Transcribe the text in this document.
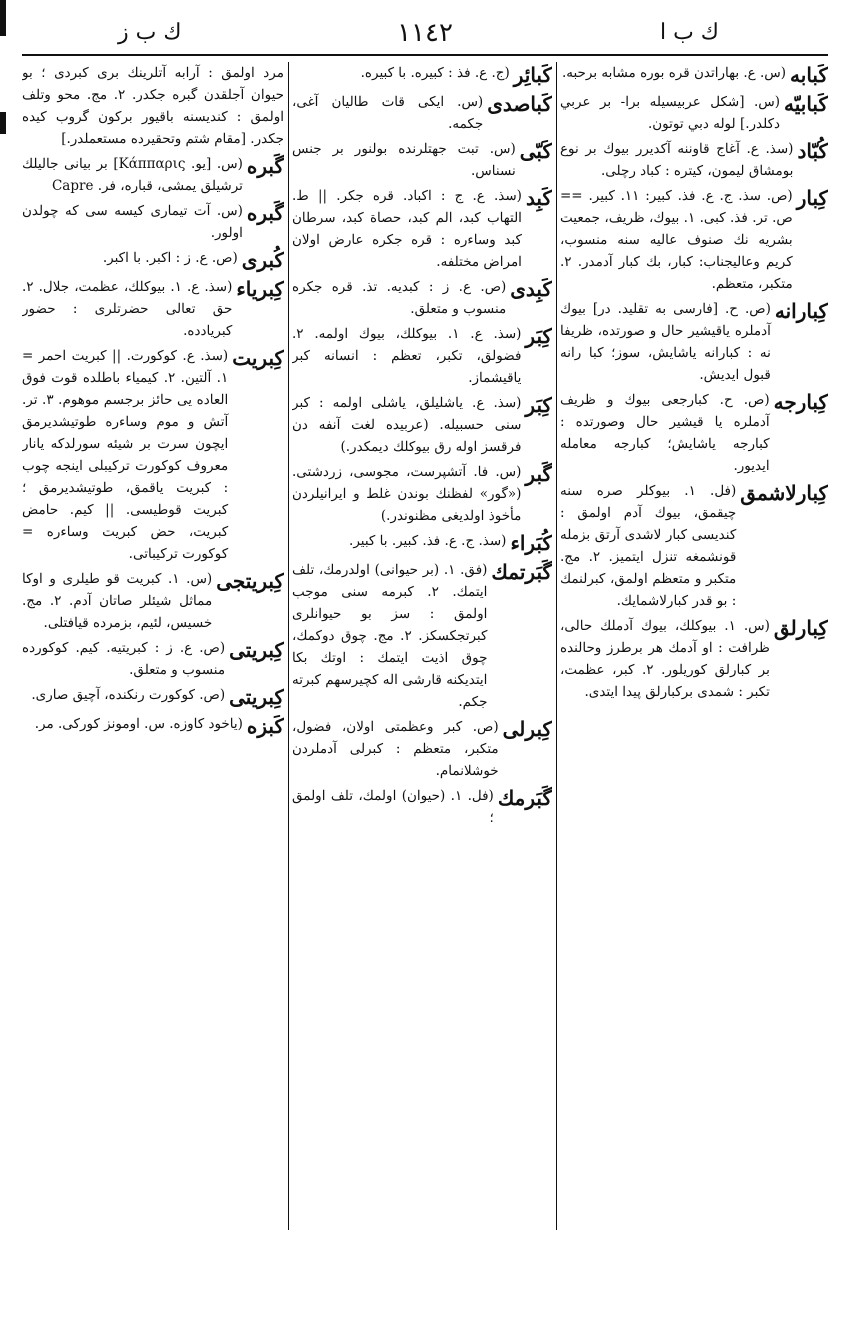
ك ب ز	١١٤٢	ك ب ا
كَبابه
(س. ع. بهاراتدن قره بوره مشابه برحبه.
كَبابيّه
(س. [شكل عربيسيله برا- بر عربي دكلدر.] لوله دبي توتون.
كُبّاد
(سذ. ع. آغاج قاوننه آكديرر بيوك بر نوع بومشاق ليمون، كيتره : كباد رچلى.
كِبار
(ص. سذ. ج. ع. فذ. كبير: ١١. كبير. == ص. تر. فذ. كبى. ١. بيوك، ظريف، جمعيت بشريه نك صنوف عاليه سنه منسوب، كريم وعاليجناب: كبار، بك كبار آدمدر. ٢. متكبر، متعظم.
كِبارانه
(ص. ح. [فارسى به تقليد. در] بيوك آدملره ياقيشير حال و صورتده، ظريفا نه : كبارانه ياشايش، سوز؛ كبا رانه قبول ايديش.
كِبارجه
(ص. ح. كبارجعى بيوك و ظريف آدملره يا قيشير حال وصورتده : كبارجه ياشايش؛ كبارجه معامله ايديور.
كِبارلاشمق
(فل. ١. بيوكلر صره سنه چيقمق، بيوك آدم اولمق : كنديسى كبار لاشدى آرتق بزمله قونشمغه تنزل ايتميز. ٢. مج. متكبر و متعظم اولمق، كبرلنمك : بو قدر كبارلاشمايك.
كِبارلق
(س. ١. بيوكلك، بيوك آدملك حالى، ظرافت : او آدمك هر برطرز وحالنده بر كبارلق كوريلور. ٢. كبر، عظمت، تكبر : شمدى بركبارلق پيدا ايتدى.
كَبائِر
(ج. ع. فذ : كبيره. با كبيره.
كَباصدى
(س. ايكى قات طاليان آغى، جكمه.
كَبّى
(س. تبت جهتلرنده بولنور بر جنس نسناس.
كَبِد
(سذ. ع. ج : اكباد. قره جكر. || ط. التهاب كبد، الم كبد، حصاة كبد، سرطان كبد وساءره : قره جكره عارض اولان امراض مختلفه.
كَبِدى
(ص. ع. ز : كبديه. تذ. قره جكره منسوب و متعلق.
كِبَر
(سذ. ع. ١. بيوكلك، بيوك اولمه. ٢. فضولق، تكبر، تعظم : انسانه كبر ياقيشماز.
كِبَر
(سذ. ع. ياشليلق، ياشلى اولمه : كبر سنى حسبيله. (عربيده لغت آنفه دن فرقسز اوله رق بيوكلك ديمكدر.)
گَبر
(س. فا. آتشپرست، مجوسى، زردشتى. («گور» لفظنك بوندن غلط و ايرانيلردن مأخوذ اولديغى مظنوندر.)
كُبَراء
(سذ. ج. ع. فذ. كبير. با كبير.
گَبَرتمك
(فق. ١. (بر حيوانى) اولدرمك، تلف ايتمك. ٢. كبرمه سنى موجب اولمق : سز بو حيوانلرى كبرتجكسكز. ٢. مج. چوق دوكمك، چوق اذيت ايتمك : اوتك بكا ايتديكنه قارشى اله كچيرسهم كبرته جكم.
كِبرلى
(ص. كبر وعظمتى اولان، فضول، متكبر، متعظم : كبرلى آدملردن خوشلانمام.
گَبَرمك
(فل. ١. (حيوان) اولمك، تلف اولمق ؛
مرد اولمق : آرابه آتلرينك برى كبردى ؛ بو حيوان آجلقدن گبره جكدر. ٢. مج. محو وتلف اولمق : كنديسنه باقيور بركون گروب كيده جكدر. [مقام شتم وتحقيرده مستعملدر.]
گَبره
(س. [يو. Κάππαρις] بر بيانى جاليلك ترشيلق يمشى، قباره، فر. Capre
گَبره
(س. آت تيمارى كيسه سى كه چولدن اولور.
كُبرى
(ص. ع. ز : اكبر. با اكبر.
كِبرياء
(سذ. ع. ١. بيوكلك، عظمت، جلال. ٢. حق تعالى حضرتلرى : حضور كبريادده.
كِبريت
(سذ. ع. كوكورت. || كبريت احمر = ١. آلتين. ٢. كيمياء باطلده قوت فوق العاده يى حائز برجسم موهوم. ٣. تر. آتش و موم وساءره طوتيشديرمق ايچون سرت بر شيئه سورلدكه يانار معروف كوكورت تركيبلى اينجه چوب : كبريت ياقمق، طوتيشديرمق ؛ كبريت قوطيسى. || كيم. حامض كبريت، حض كبريت وساءره = كوكورت تركيباتى.
كِبريتجى
(س. ١. كبريت قو طيلرى و اوكا مماثل شيئلر صاتان آدم. ٢. مج. خسيس، لئيم، بزمرده قيافتلى.
كِبريتى
(ص. ع. ز : كبريتيه. كيم. كوكورده منسوب و متعلق.
كِبريتى
(ص. كوكورت رنكنده، آچيق صارى.
كَبزه
(ياخود كاوزه. س. اومونز كوركى. مر.
